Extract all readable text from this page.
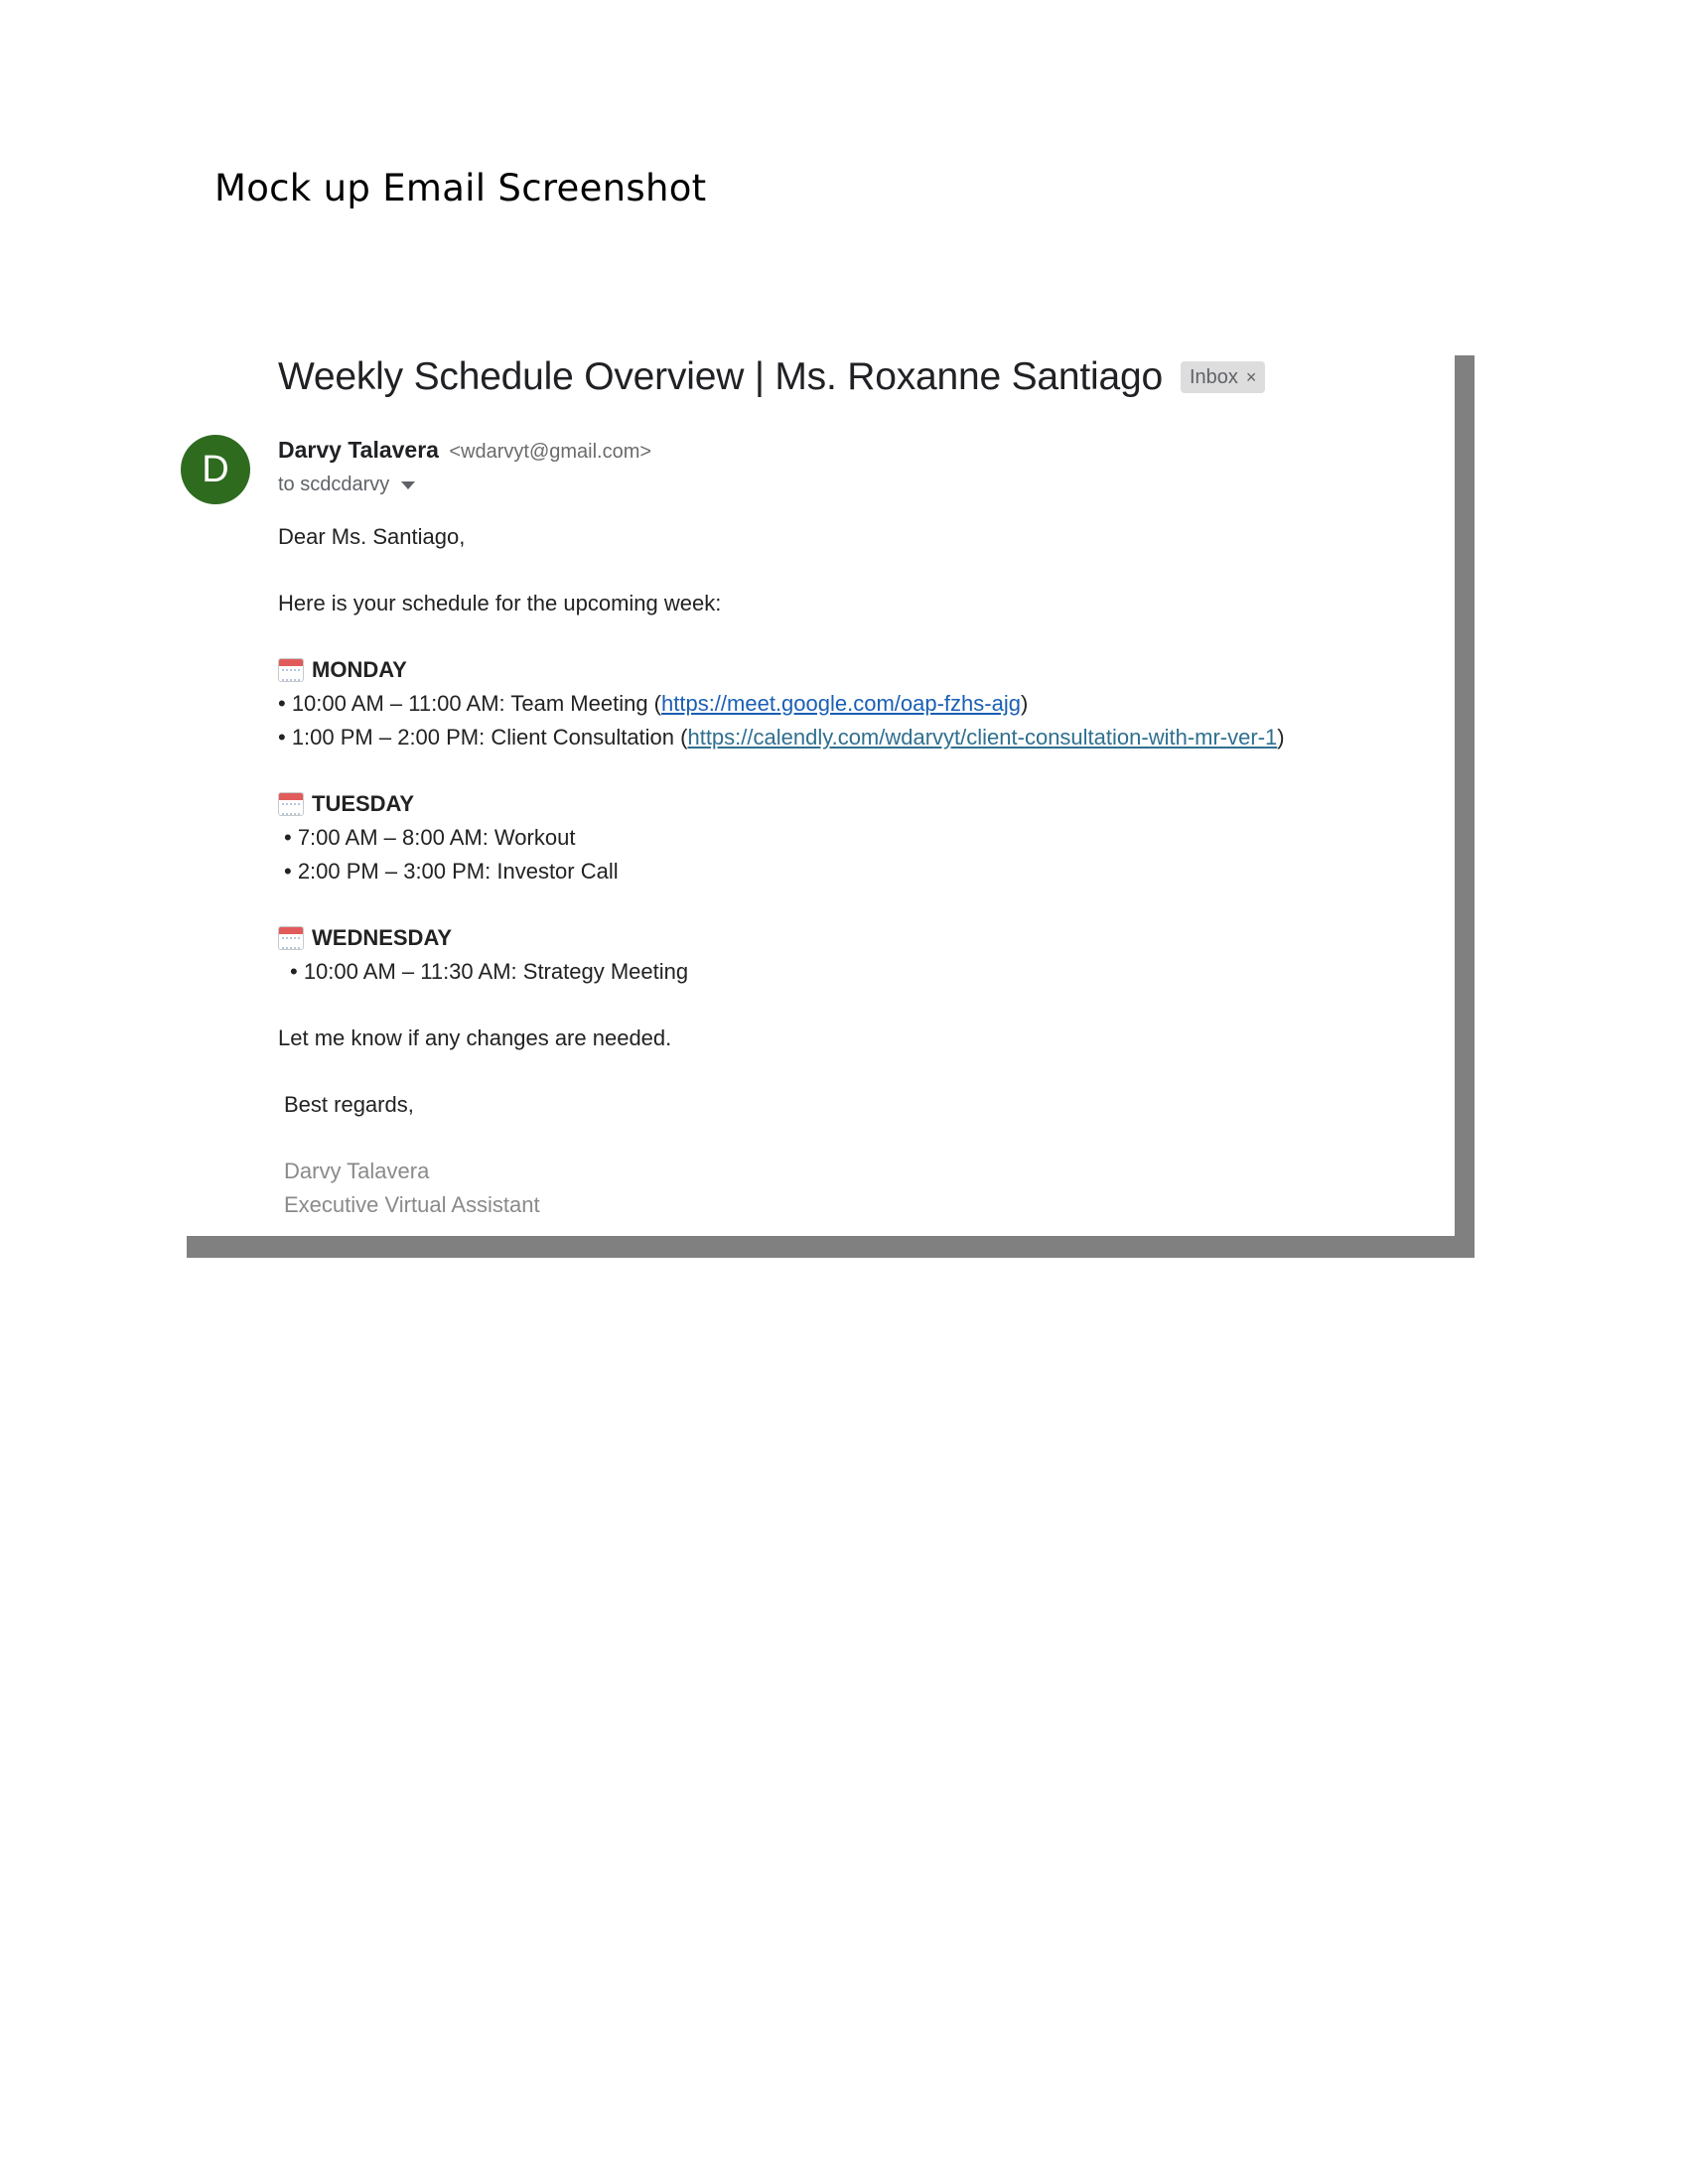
Mock up Email Screenshot
Weekly Schedule Overview | Ms. Roxanne Santiago Inbox ×
D	Darvy Talavera <wdarvyt@gmail.com>
to scdcdarvy

Dear Ms. Santiago,

Here is your schedule for the upcoming week:

MONDAY

• 10:00 AM – 11:00 AM: Team Meeting (https://meet.google.com/oap-fzhs-ajg)

• 1:00 PM – 2:00 PM: Client Consultation (https://calendly.com/wdarvyt/client-consultation-with-mr-ver-1)

TUESDAY

• 7:00 AM – 8:00 AM: Workout

• 2:00 PM – 3:00 PM: Investor Call

WEDNESDAY

• 10:00 AM – 11:30 AM: Strategy Meeting

Let me know if any changes are needed.

Best regards,

Darvy Talavera

Executive Virtual Assistant
